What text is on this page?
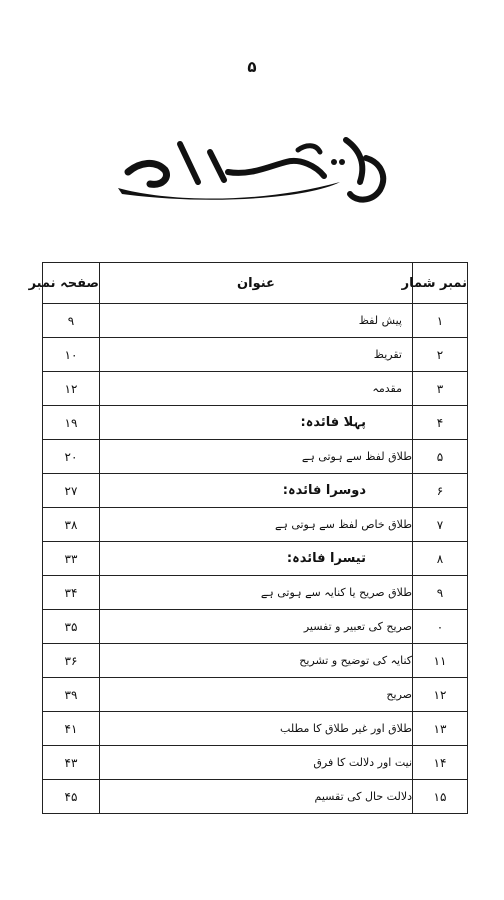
۵
نمبر شمار	عنوان	صفحہ نمبر
۱	پیش لفظ	۹
۲	تقریظ	۱۰
۳	مقدمہ	۱۲
۴	پہلا فائدہ:	۱۹
۵	طلاق لفظ سے ہوتی ہے	۲۰
۶	دوسرا فائدہ:	۲۷
۷	طلاق خاص لفظ سے ہوتی ہے	۳۸
۸	تیسرا فائدہ:	۳۳
۹	طلاق صریح یا کنایہ سے ہوتی ہے	۳۴
۰	صریح کی تعبیر و تفسیر	۳۵
۱۱	کنایہ کی توضیح و تشریح	۳۶
۱۲	صریح	۳۹
۱۳	طلاق اور غیر طلاق کا مطلب	۴۱
۱۴	نیت اور دلالت کا فرق	۴۳
۱۵	دلالت حال کی تقسیم	۴۵
